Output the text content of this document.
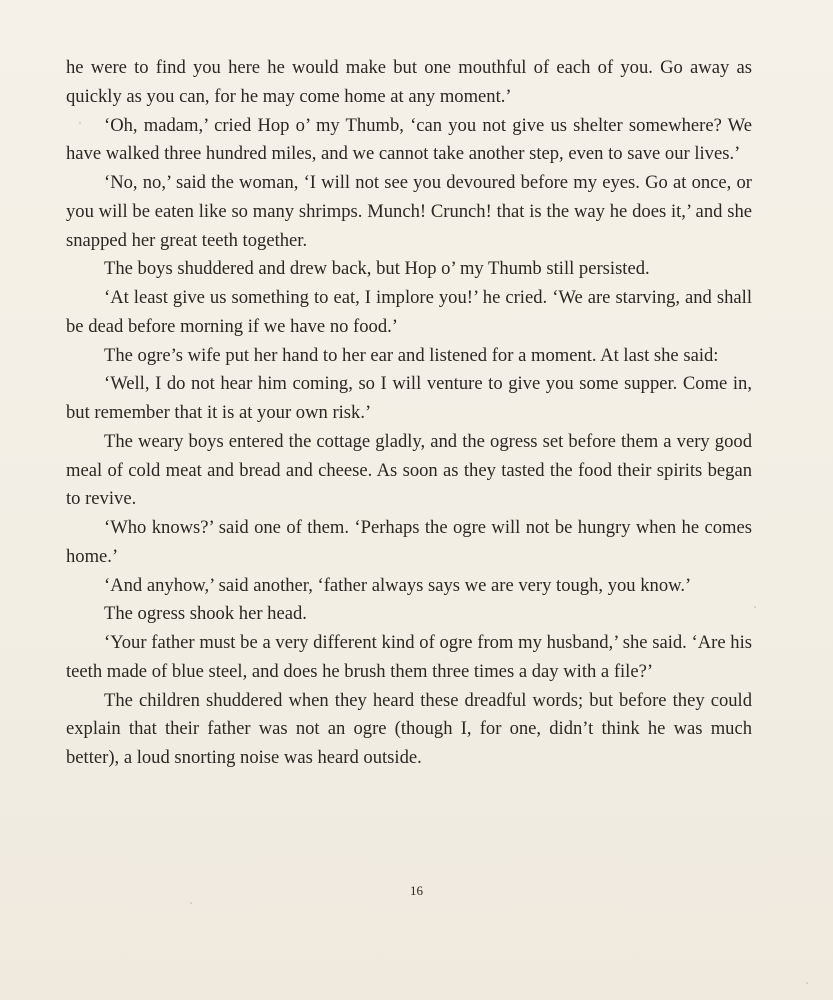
he were to find you here he would make but one mouthful of each of you. Go away as quickly as you can, for he may come home at any moment.’

‘Oh, madam,’ cried Hop o’ my Thumb, ‘can you not give us shelter somewhere? We have walked three hundred miles, and we cannot take another step, even to save our lives.’

‘No, no,’ said the woman, ‘I will not see you devoured before my eyes. Go at once, or you will be eaten like so many shrimps. Munch! Crunch! that is the way he does it,’ and she snapped her great teeth together.

The boys shuddered and drew back, but Hop o’ my Thumb still persisted.

‘At least give us something to eat, I implore you!’ he cried. ‘We are starving, and shall be dead before morning if we have no food.’

The ogre’s wife put her hand to her ear and listened for a moment. At last she said:

‘Well, I do not hear him coming, so I will venture to give you some supper. Come in, but remember that it is at your own risk.’

The weary boys entered the cottage gladly, and the ogress set before them a very good meal of cold meat and bread and cheese. As soon as they tasted the food their spirits began to revive.

‘Who knows?’ said one of them. ‘Perhaps the ogre will not be hungry when he comes home.’

‘And anyhow,’ said another, ‘father always says we are very tough, you know.’

The ogress shook her head.

‘Your father must be a very different kind of ogre from my husband,’ she said. ‘Are his teeth made of blue steel, and does he brush them three times a day with a file?’

The children shuddered when they heard these dreadful words; but before they could explain that their father was not an ogre (though I, for one, didn’t think he was much better), a loud snorting noise was heard outside.

16
